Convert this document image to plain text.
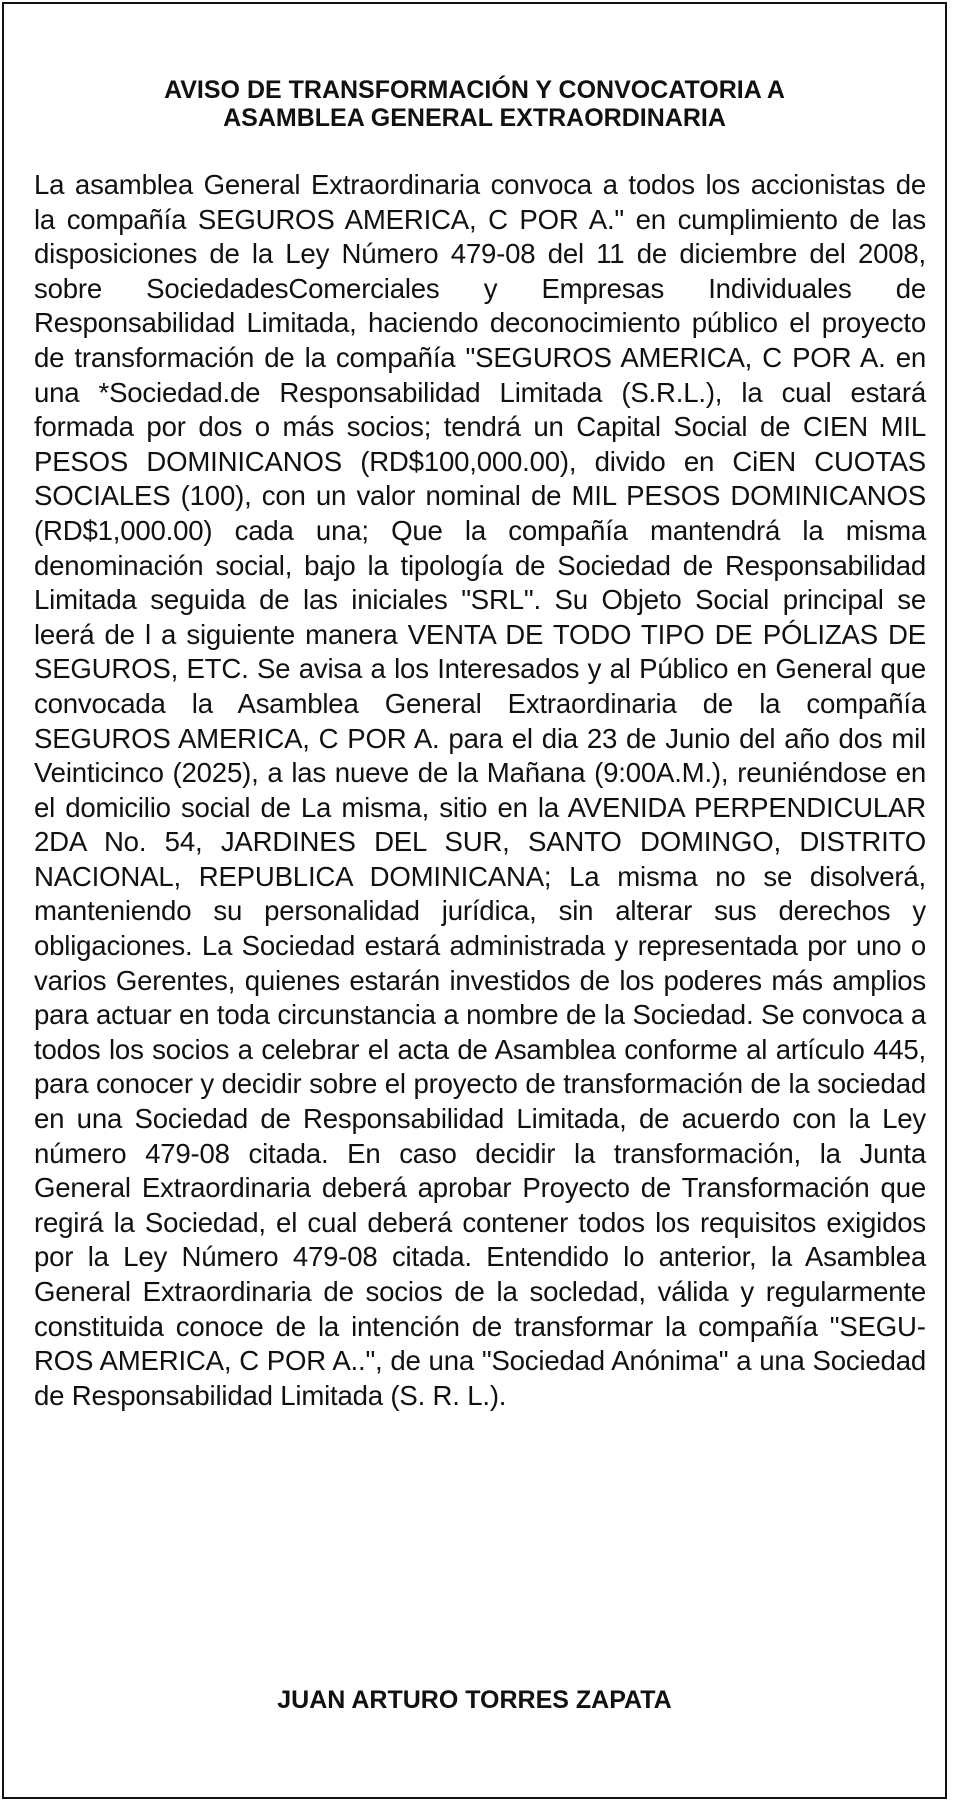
AVISO DE TRANSFORMACIÓN Y CONVOCATORIA A
ASAMBLEA GENERAL EXTRAORDINARIA

La asamblea General Extraordinaria convoca a todos los accionistas de la compañía SEGUROS AMERICA, C POR A." en cumplimiento de las disposiciones de la Ley Número 479-08 del 11 de diciembre del 2008, sobre SociedadesComerciales y Empresas Individuales de Responsabilidad Limitada, haciendo deconocimiento público el proyecto de transformación de la compañía "SEGUROS AMERICA, C POR A. en una *Sociedad.de Responsabilidad Limitada (S.R.L.), la cual estará formada por dos o más socios; tendrá un Capital Social de CIEN MIL PESOS DOMINICANOS (RD$100,000.00), divido en CiEN CUOTAS SOCIALES (100), con un valor nominal de MIL PESOS DOMINICANOS (RD$1,000.00) cada una; Que la compañía mantendrá la misma denominación social, bajo la tipología de Sociedad de Responsabilidad Limitada seguida de las iniciales "SRL". Su Objeto Social principal se leerá de l a siguiente manera VENTA DE TODO TIPO DE PÓLIZAS DE SEGUROS, ETC. Se avisa a los Interesados y al Público en General que convocada la Asamblea General Extraordinaria de la compañía SEGUROS AMERICA, C POR A. para el dia 23 de Junio del año dos mil Veinticinco (2025), a las nueve de la Mañana (9:00A.M.), reuniéndose en el domicilio social de La misma, sitio en la AVENIDA PERPENDICULAR 2DA No. 54, JARDINES DEL SUR, SANTO DOMINGO, DISTRITO NACIONAL, REPUBLICA DOMINICANA; La misma no se disolverá, manteniendo su personalidad jurídica, sin alterar sus derechos y obligaciones. La Sociedad estará administrada y representada por uno o varios Gerentes, quienes estarán investidos de los poderes más amplios para actuar en toda circunstancia a nombre de la Sociedad. Se convoca a todos los socios a celebrar el acta de Asamblea conforme al artículo 445, para conocer y decidir sobre el proyecto de transformación de la sociedad en una Sociedad de Responsabilidad Limitada, de acuerdo con la Ley número 479-08 citada. En caso decidir la transformación, la Junta General Extraordinaria deberá aprobar Proyecto de Transformación que regirá la Sociedad, el cual deberá contener todos los requisitos exigidos por la Ley Número 479-08 citada. Entendido lo anterior, la Asamblea General Extraordinaria de socios de la socledad, válida y regularmente constituida conoce de la intención de transformar la compañía "SEGUROS AMERICA, C POR A..", de una "Sociedad Anónima" a una Sociedad de Responsabilidad Limitada (S. R. L.).

JUAN ARTURO TORRES ZAPATA
